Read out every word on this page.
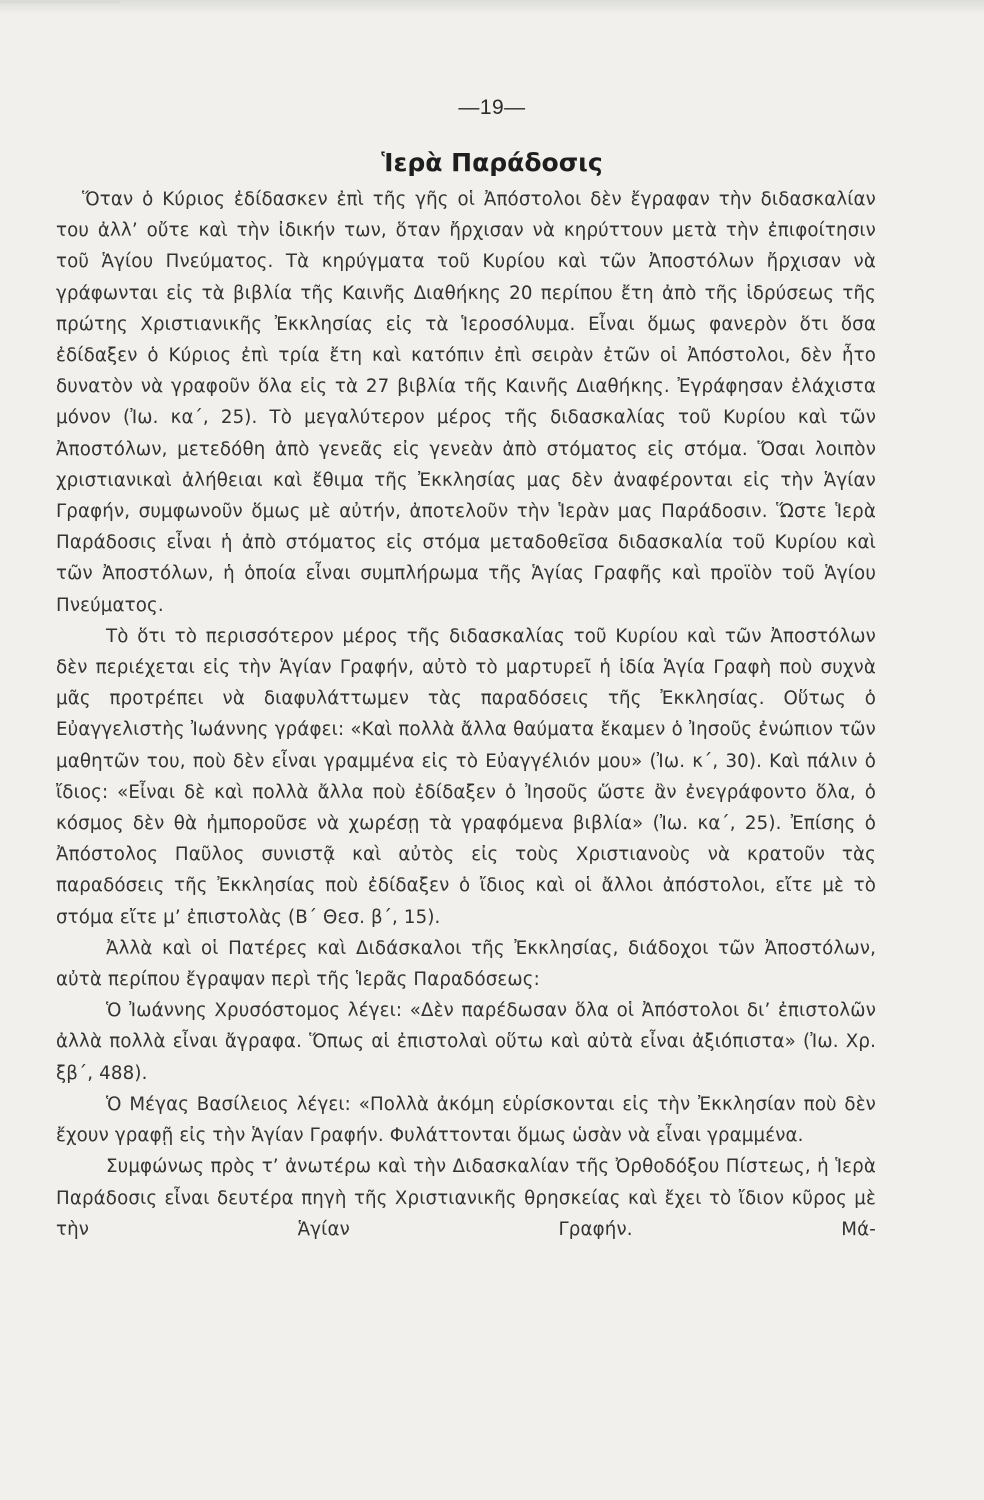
—19—
Ἱερὰ Παράδοσις

Ὅταν ὁ Κύριος ἐδίδασκεν ἐπὶ τῆς γῆς οἱ Ἀπόστολοι δὲν ἔγραφαν τὴν διδασκαλίαν του ἀλλ’ οὔτε καὶ τὴν ἰδικήν των, ὅταν ἤρχισαν νὰ κηρύττουν μετὰ τὴν ἐπιφοίτησιν τοῦ Ἁγίου Πνεύματος. Τὰ κηρύγματα τοῦ Κυρίου καὶ τῶν Ἀποστόλων ἤρχισαν νὰ γράφωνται εἰς τὰ βιβλία τῆς Καινῆς Διαθήκης 20 περίπου ἔτη ἀπὸ τῆς ἱδρύσεως τῆς πρώτης Χριστιανικῆς Ἐκκλησίας εἰς τὰ Ἱεροσόλυμα. Εἶναι ὅμως φανερὸν ὅτι ὅσα ἐδίδαξεν ὁ Κύριος ἐπὶ τρία ἔτη καὶ κατόπιν ἐπὶ σειρὰν ἐτῶν οἱ Ἀπόστολοι, δὲν ἦτο δυνατὸν νὰ γραφοῦν ὅλα εἰς τὰ 27 βιβλία τῆς Καινῆς Διαθήκης. Ἐγράφησαν ἐλάχιστα μόνον (Ἰω. κα΄, 25). Τὸ μεγαλύτερον μέρος τῆς διδασκαλίας τοῦ Κυρίου καὶ τῶν Ἀποστόλων, μετεδόθη ἀπὸ γενεᾶς εἰς γενεὰν ἀπὸ στόματος εἰς στόμα. Ὅσαι λοιπὸν χριστιανικαὶ ἀλήθειαι καὶ ἔθιμα τῆς Ἐκκλησίας μας δὲν ἀναφέρονται εἰς τὴν Ἁγίαν Γραφήν, συμφωνοῦν ὅμως μὲ αὐτήν, ἀποτελοῦν τὴν Ἱερὰν μας Παράδοσιν. Ὥστε Ἱερὰ Παράδοσις εἶναι ἡ ἀπὸ στόματος εἰς στόμα μεταδοθεῖσα διδασκαλία τοῦ Κυρίου καὶ τῶν Ἀποστόλων, ἡ ὁποία εἶναι συμπλήρωμα τῆς Ἁγίας Γραφῆς καὶ προϊὸν τοῦ Ἁγίου Πνεύματος.

Τὸ ὅτι τὸ περισσότερον μέρος τῆς διδασκαλίας τοῦ Κυρίου καὶ τῶν Ἀποστόλων δὲν περιέχεται εἰς τὴν Ἁγίαν Γραφήν, αὐτὸ τὸ μαρτυρεῖ ἡ ἰδία Ἁγία Γραφὴ ποὺ συχνὰ μᾶς προτρέπει νὰ διαφυλάττωμεν τὰς παραδόσεις τῆς Ἐκκλησίας. Οὕτως ὁ Εὐαγγελιστὴς Ἰωάννης γράφει: «Καὶ πολλὰ ἄλλα θαύματα ἔκαμεν ὁ Ἰησοῦς ἐνώπιον τῶν μαθητῶν του, ποὺ δὲν εἶναι γραμμένα εἰς τὸ Εὐαγγέλιόν μου» (Ἰω. κ΄, 30). Καὶ πάλιν ὁ ἴδιος: «Εἶναι δὲ καὶ πολλὰ ἄλλα ποὺ ἐδίδαξεν ὁ Ἰησοῦς ὥστε ἂν ἐνεγράφοντο ὅλα, ὁ κόσμος δὲν θὰ ἠμποροῦσε νὰ χωρέσῃ τὰ γραφόμενα βιβλία» (Ἰω. κα΄, 25). Ἐπίσης ὁ Ἀπόστολος Παῦλος συνιστᾷ καὶ αὐτὸς εἰς τοὺς Χριστιανοὺς νὰ κρατοῦν τὰς παραδόσεις τῆς Ἐκκλησίας ποὺ ἐδίδαξεν ὁ ἴδιος καὶ οἱ ἄλλοι ἀπόστολοι, εἴτε μὲ τὸ στόμα εἴτε μ’ ἐπιστολὰς (Β΄ Θεσ. β΄, 15).

Ἀλλὰ καὶ οἱ Πατέρες καὶ Διδάσκαλοι τῆς Ἐκκλησίας, διάδοχοι τῶν Ἀποστόλων, αὐτὰ περίπου ἔγραψαν περὶ τῆς Ἱερᾶς Παραδόσεως:

Ὁ Ἰωάννης Χρυσόστομος λέγει: «Δὲν παρέδωσαν ὅλα οἱ Ἀπόστολοι δι’ ἐπιστολῶν ἀλλὰ πολλὰ εἶναι ἄγραφα. Ὅπως αἱ ἐπιστολαὶ οὕτω καὶ αὐτὰ εἶναι ἀξιόπιστα» (Ἰω. Χρ. ξβ΄, 488).

Ὁ Μέγας Βασίλειος λέγει: «Πολλὰ ἀκόμη εὑρίσκονται εἰς τὴν Ἐκκλησίαν ποὺ δὲν ἔχουν γραφῇ εἰς τὴν Ἁγίαν Γραφήν. Φυλάττονται ὅμως ὡσὰν νὰ εἶναι γραμμένα.

Συμφώνως πρὸς τ’ ἀνωτέρω καὶ τὴν Διδασκαλίαν τῆς Ὀρθοδόξου Πίστεως, ἡ Ἱερὰ Παράδοσις εἶναι δευτέρα πηγὴ τῆς Χριστιανικῆς θρησκείας καὶ ἔχει τὸ ἴδιον κῦρος μὲ τὴν Ἁγίαν Γραφήν. Μά-
